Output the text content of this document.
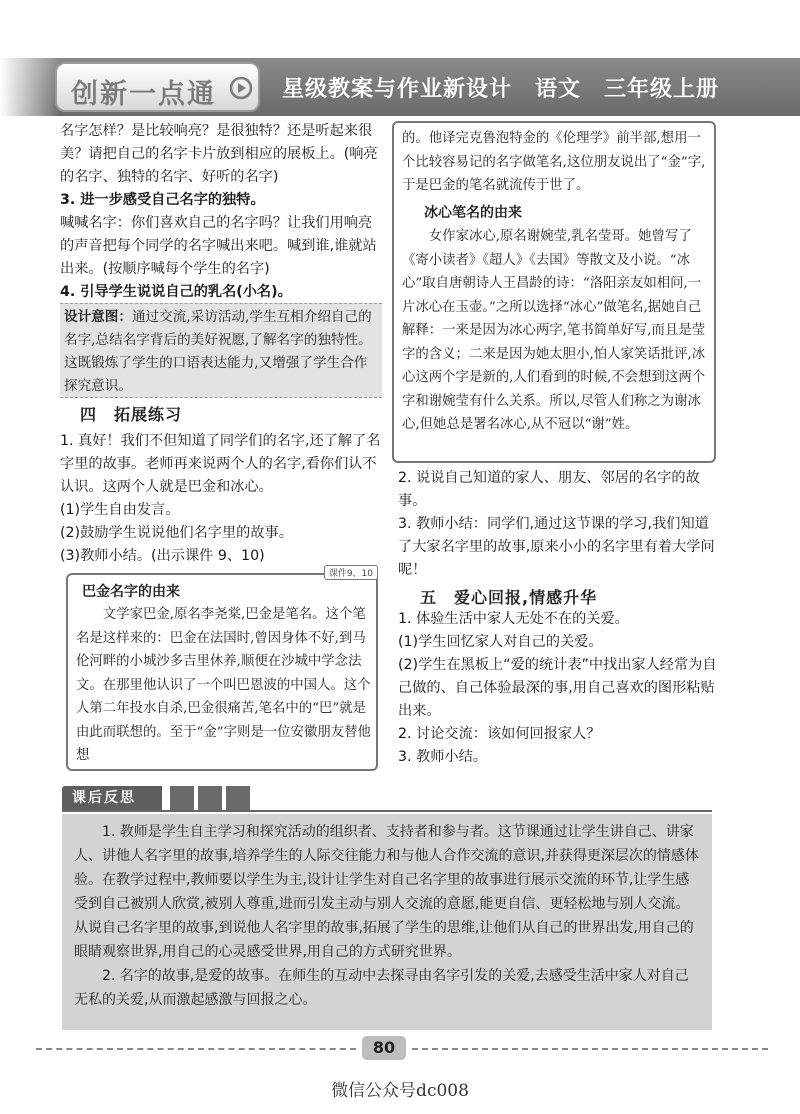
创新一点通	星级教案与作业新设计　语文　三年级上册

名字怎样？是比较响亮？是很独特？还是听起来很美？请把自己的名字卡片放到相应的展板上。(响亮的名字、独特的名字、好听的名字)

3. 进一步感受自己名字的独特。

喊喊名字：你们喜欢自己的名字吗？让我们用响亮的声音把每个同学的名字喊出来吧。喊到谁,谁就站出来。(按顺序喊每个学生的名字)

4. 引导学生说说自己的乳名(小名)。

设计意图：通过交流,采访活动,学生互相介绍自己的名字,总结名字背后的美好祝愿,了解名字的独特性。这既锻炼了学生的口语表达能力,又增强了学生合作探究意识。
四　拓展练习

1. 真好！我们不但知道了同学们的名字,还了解了名字里的故事。老师再来说两个人的名字,看你们认不认识。这两个人就是巴金和冰心。

(1)学生自由发言。

(2)鼓励学生说说他们名字里的故事。

(3)教师小结。(出示课件 9、10)

课件9、10
巴金名字的由来
文学家巴金,原名李尧棠,巴金是笔名。这个笔名是这样来的：巴金在法国时,曾因身体不好,到马伦河畔的小城沙多吉里休养,顺便在沙城中学念法文。在那里他认识了一个叫巴恩波的中国人。这个人第二年投水自杀,巴金很痛苦,笔名中的“巴”就是由此而联想的。至于“金”字则是一位安徽朋友替他想
的。他译完克鲁泡特金的《伦理学》前半部,想用一个比较容易记的名字做笔名,这位朋友说出了“金”字,于是巴金的笔名就流传于世了。
冰心笔名的由来
女作家冰心,原名谢婉莹,乳名莹哥。她曾写了《寄小读者》《超人》《去国》等散文及小说。“冰心”取自唐朝诗人王昌龄的诗：“洛阳亲友如相问,一片冰心在玉壶。”之所以选择“冰心”做笔名,据她自己解释：一来是因为冰心两字,笔书简单好写,而且是莹字的含义；二来是因为她太胆小,怕人家笑话批评,冰心这两个字是新的,人们看到的时候,不会想到这两个字和谢婉莹有什么关系。所以,尽管人们称之为谢冰心,但她总是署名冰心,从不冠以“谢”姓。

2. 说说自己知道的家人、朋友、邻居的名字的故事。

3. 教师小结：同学们,通过这节课的学习,我们知道了大家名字里的故事,原来小小的名字里有着大学问呢！

五　爱心回报,情感升华

1. 体验生活中家人无处不在的关爱。

(1)学生回忆家人对自己的关爱。

(2)学生在黑板上“爱的统计表”中找出家人经常为自己做的、自己体验最深的事,用自己喜欢的图形粘贴出来。

2. 讨论交流：该如何回报家人？

3. 教师小结。

课后反思

1. 教师是学生自主学习和探究活动的组织者、支持者和参与者。这节课通过让学生讲自己、讲家人、讲他人名字里的故事,培养学生的人际交往能力和与他人合作交流的意识,并获得更深层次的情感体验。在教学过程中,教师要以学生为主,设计让学生对自己名字里的故事进行展示交流的环节,让学生感受到自己被别人欣赏,被别人尊重,进而引发主动与别人交流的意愿,能更自信、更轻松地与别人交流。从说自己名字里的故事,到说他人名字里的故事,拓展了学生的思维,让他们从自己的世界出发,用自己的眼睛观察世界,用自己的心灵感受世界,用自己的方式研究世界。

2. 名字的故事,是爱的故事。在师生的互动中去探寻由名字引发的关爱,去感受生活中家人对自己无私的关爱,从而激起感激与回报之心。

80
微信公众号dc008
